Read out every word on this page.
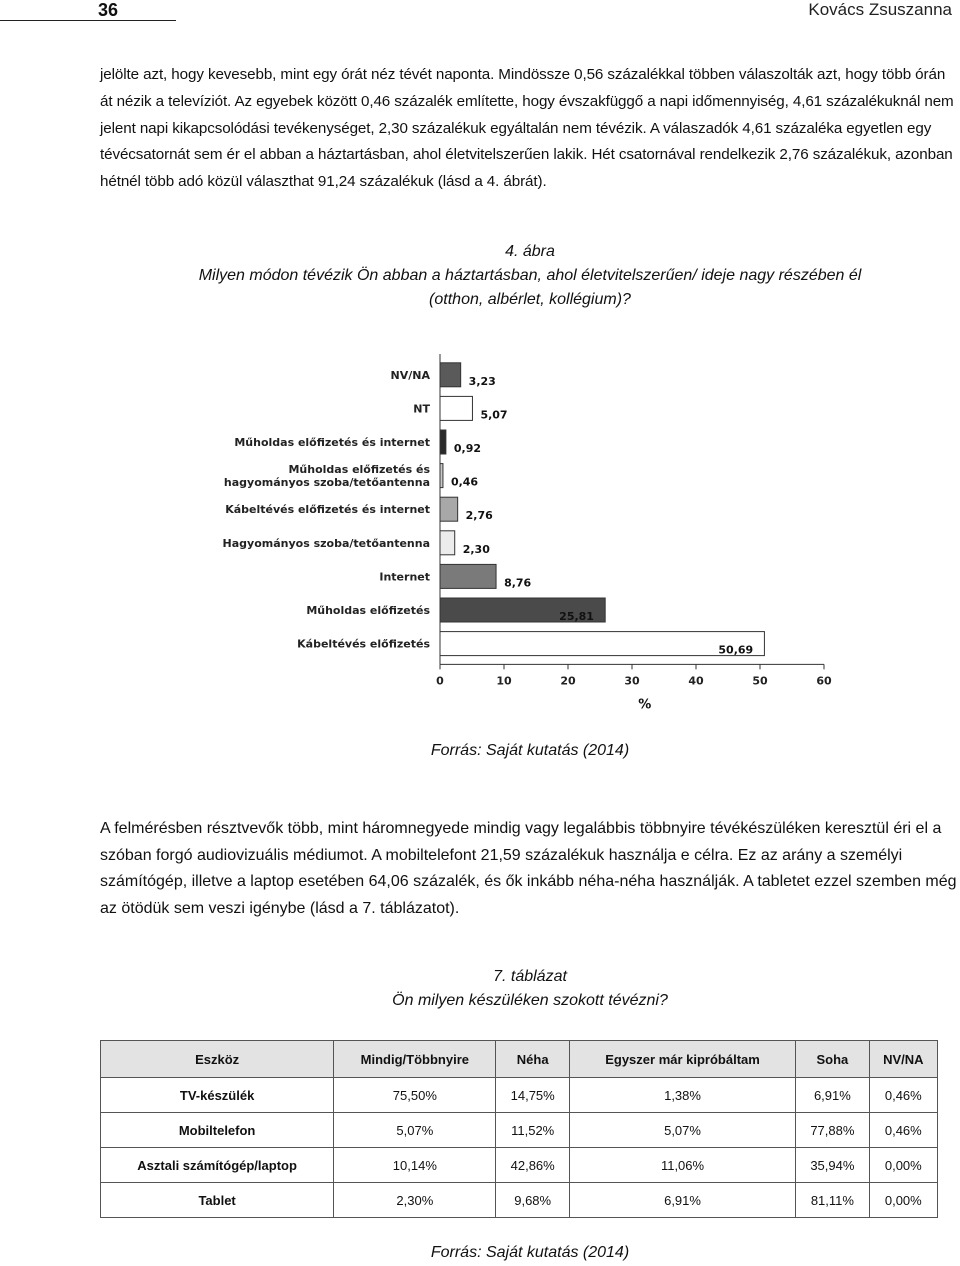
36	Kovács Zsuszanna
jelölte azt, hogy kevesebb, mint egy órát néz tévét naponta. Mindössze 0,56 százalékkal többen válaszolták azt, hogy több órán át nézik a televíziót. Az egyebek között 0,46 százalék említette, hogy évszakfüggő a napi időmennyiség, 4,61 százalékuknál nem jelent napi kikapcsolódási tevékenységet, 2,30 százalékuk egyáltalán nem tévézik. A válaszadók 4,61 százaléka egyetlen egy tévécsatornát sem ér el abban a háztartásban, ahol életvitelszerűen lakik. Hét csatornával rendelkezik 2,76 százalékuk, azonban hétnél több adó közül választhat 91,24 százalékuk (lásd a 4. ábrát).
4. ábra
Milyen módon tévézik Ön abban a háztartásban, ahol életvitelszerűen/ ideje nagy részében él
(otthon, albérlet, kollégium)?
NV/NA	3,23
NT	5,07
Műholdas előfizetés és internet 0,92
Műholdas előfizetés és
hagyományos szoba/tetőantenna 0,46
Kábeltévés előfizetés és internet	2,76
Hagyományos szoba/tetőantenna	2,30
Internet	8,76
Műholdas előfizetés	25,81
Kábeltévés előfizetés	50,69
0	10	20	30	40	50	60
%
Forrás: Saját kutatás (2014)
A felmérésben résztvevők több, mint háromnegyede mindig vagy legalábbis többnyire tévékészüléken keresztül éri el a szóban forgó audiovizuális médiumot. A mobiltelefont 21,59 százalékuk használja e célra. Ez az arány a személyi számítógép, illetve a laptop esetében 64,06 százalék, és ők inkább néha-néha használják. A tabletet ezzel szemben még az ötödük sem veszi igénybe (lásd a 7. táblázatot).
7. táblázat
Ön milyen készüléken szokott tévézni?
Eszköz	Mindig/Többnyire	Néha	Egyszer már kipróbáltam	Soha	NV/NA
TV-készülék	75,50%	14,75%	1,38%	6,91%	0,46%
Mobiltelefon	5,07%	11,52%	5,07%	77,88%	0,46%
Asztali számítógép/laptop	10,14%	42,86%	11,06%	35,94%	0,00%
Tablet	2,30%	9,68%	6,91%	81,11%	0,00%
Forrás: Saját kutatás (2014)
